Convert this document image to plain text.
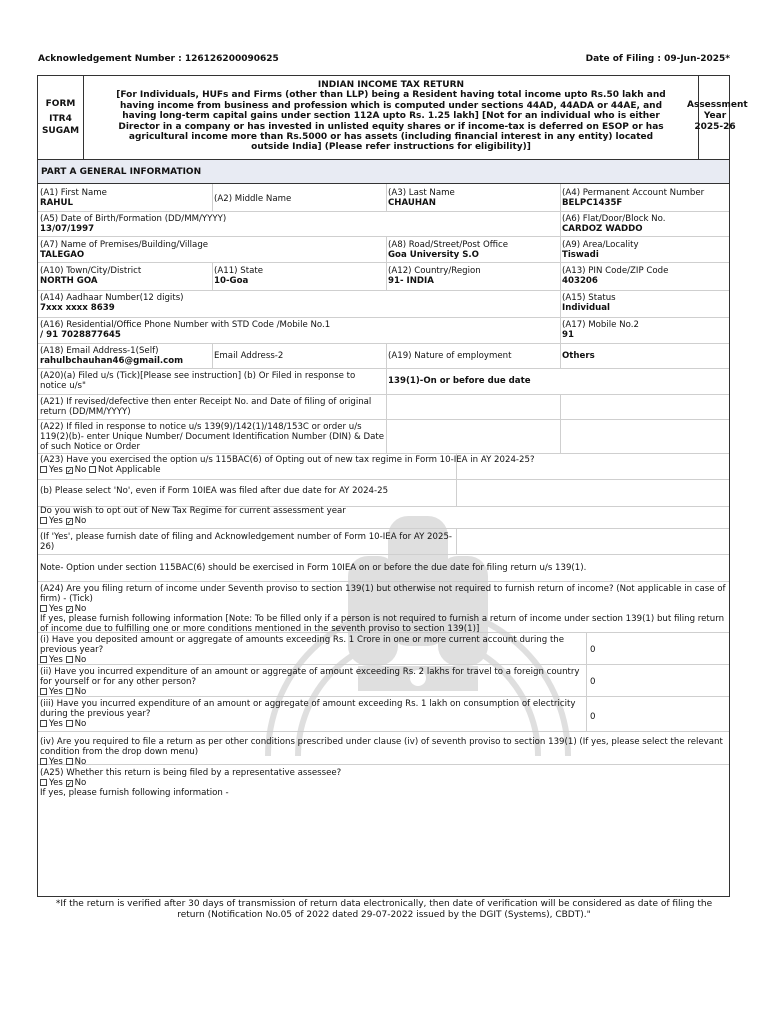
Acknowledgement Number : 126126200090625	Date of Filing : 09-Jun-2025*
FORM
ITR4
SUGAM
INDIAN INCOME TAX RETURN
[For Individuals, HUFs and Firms (other than LLP) being a Resident having total income upto Rs.50 lakh and
having income from business and profession which is computed under sections 44AD, 44ADA or 44AE, and
having long-term capital gains under section 112A upto Rs. 1.25 lakh] [Not for an individual who is either
Director in a company or has invested in unlisted equity shares or if income-tax is deferred on ESOP or has
agricultural income more than Rs.5000 or has assets (including financial interest in any entity) located
outside India] (Please refer instructions for eligibility)]
Assessment
Year
2025-26
PART A GENERAL INFORMATION
(A1) First Name
RAHUL	(A2) Middle Name
(A3) Last Name
CHAUHAN
(A4) Permanent Account Number
BELPC1435F
(A5) Date of Birth/Formation (DD/MM/YYYY)
13/07/1997
(A6) Flat/Door/Block No.
CARDOZ WADDO
(A7) Name of Premises/Building/Village
TALEGAO
(A8) Road/Street/Post Office
Goa University S.O
(A9) Area/Locality
Tiswadi
(A10) Town/City/District
NORTH GOA
(A11) State
10-Goa
(A12) Country/Region
91- INDIA
(A13) PIN Code/ZIP Code
403206
(A14) Aadhaar Number(12 digits)
7xxx xxxx 8639
(A15) Status
Individual
(A16) Residential/Office Phone Number with STD Code /Mobile No.1
/ 91 7028877645
(A17) Mobile No.2
91
(A18) Email Address-1(Self)
rahulbchauhan46@gmail.com	Email Address-2	(A19) Nature of employment	Others
(A20)(a) Filed u/s (Tick)[Please see instruction] (b) Or Filed in response to notice u/s"	139(1)-On or before due date
(A21) If revised/defective then enter Receipt No. and Date of filing of original return (DD/MM/YYYY)
(A22) If filed in response to notice u/s 139(9)/142(1)/148/153C or order u/s 119(2)(b)- enter Unique Number/ Document Identification Number (DIN) & Date of such Notice or Order
(A23) Have you exercised the option u/s 115BAC(6) of Opting out of new tax regime in Form 10-IEA in AY 2024-25?
Yes ✓ No Not Applicable
(b) Please select 'No', even if Form 10IEA was filed after due date for AY 2024-25
Do you wish to opt out of New Tax Regime for current assessment year
Yes ✓ No
(If 'Yes', please furnish date of filing and Acknowledgement number of Form 10-IEA for AY 2025-26)
Note- Option under section 115BAC(6) should be exercised in Form 10IEA on or before the due date for filing return u/s 139(1).
(A24) Are you filing return of income under Seventh proviso to section 139(1) but otherwise not required to furnish return of income? (Not applicable in case of firm) - (Tick)
Yes ✓ No
If yes, please furnish following information [Note: To be filled only if a person is not required to furnish a return of income under section 139(1) but filing return of income due to fulfilling one or more conditions mentioned in the seventh proviso to section 139(1)]
(i) Have you deposited amount or aggregate of amounts exceeding Rs. 1 Crore in one or more current account during the previous year?
Yes No
0
(ii) Have you incurred expenditure of an amount or aggregate of amount exceeding Rs. 2 lakhs for travel to a foreign country for yourself or for any other person?
Yes No
0
(iii) Have you incurred expenditure of an amount or aggregate of amount exceeding Rs. 1 lakh on consumption of electricity during the previous year?
Yes No
0
(iv) Are you required to file a return as per other conditions prescribed under clause (iv) of seventh proviso to section 139(1) (If yes, please select the relevant condition from the drop down menu)
Yes No
(A25) Whether this return is being filed by a representative assessee?
Yes ✓ No
If yes, please furnish following information -
*If the return is verified after 30 days of transmission of return data electronically, then date of verification will be considered as date of filing the return (Notification No.05 of 2022 dated 29-07-2022 issued by the DGIT (Systems), CBDT)."
